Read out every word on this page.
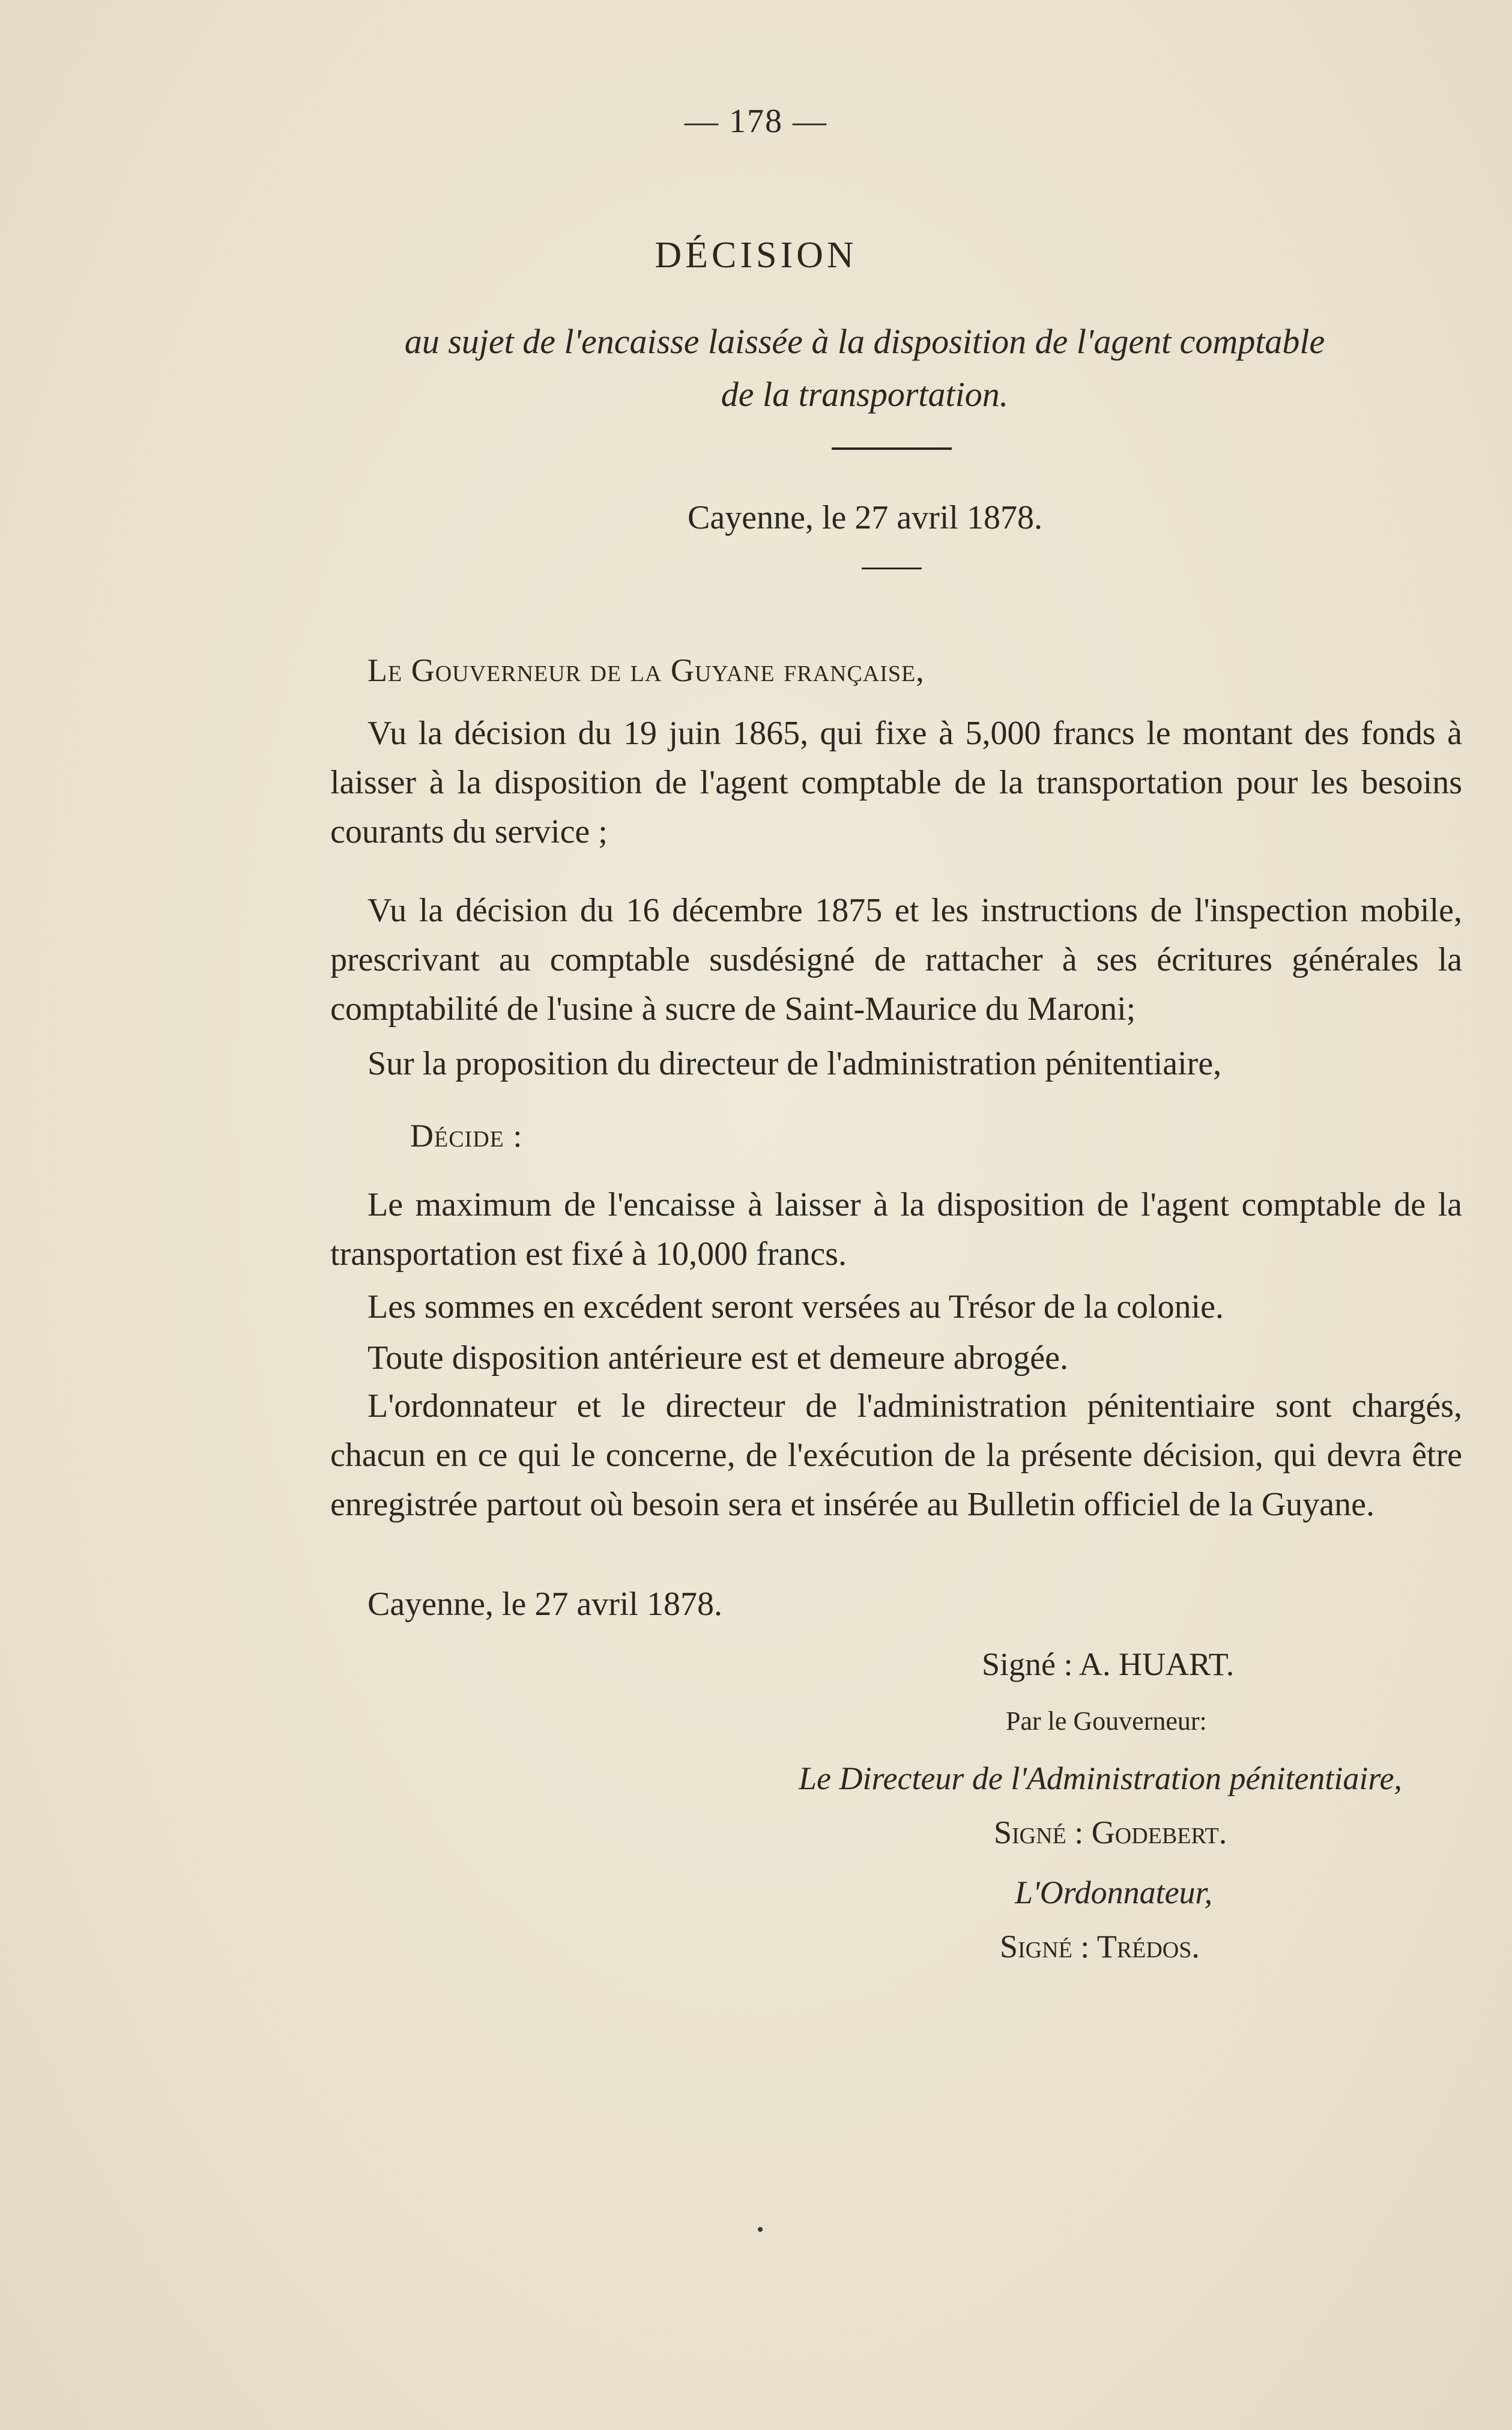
— 178 —
DÉCISION
au sujet de l'encaisse laissée à la disposition de l'agent comptable
de la transportation.
Cayenne, le 27 avril 1878.
Le Gouverneur de la Guyane française,
Vu la décision du 19 juin 1865, qui fixe à 5,000 francs le montant des fonds à laisser à la disposition de l'agent comptable de la transportation pour les besoins courants du service ;
Vu la décision du 16 décembre 1875 et les instructions de l'inspection mobile, prescrivant au comptable susdésigné de rattacher à ses écritures générales la comptabilité de l'usine à sucre de Saint-Maurice du Maroni;
Sur la proposition du directeur de l'administration pénitentiaire,
Décide :
Le maximum de l'encaisse à laisser à la disposition de l'agent comptable de la transportation est fixé à 10,000 francs.
Les sommes en excédent seront versées au Trésor de la colonie.
Toute disposition antérieure est et demeure abrogée.
L'ordonnateur et le directeur de l'administration pénitentiaire sont chargés, chacun en ce qui le concerne, de l'exécution de la présente décision, qui devra être enregistrée partout où besoin sera et insérée au Bulletin officiel de la Guyane.
Cayenne, le 27 avril 1878.
Signé : A. HUART.
Par le Gouverneur:
Le Directeur de l'Administration pénitentiaire,
Signé : Godebert.
L'Ordonnateur,
Signé : Trédos.
